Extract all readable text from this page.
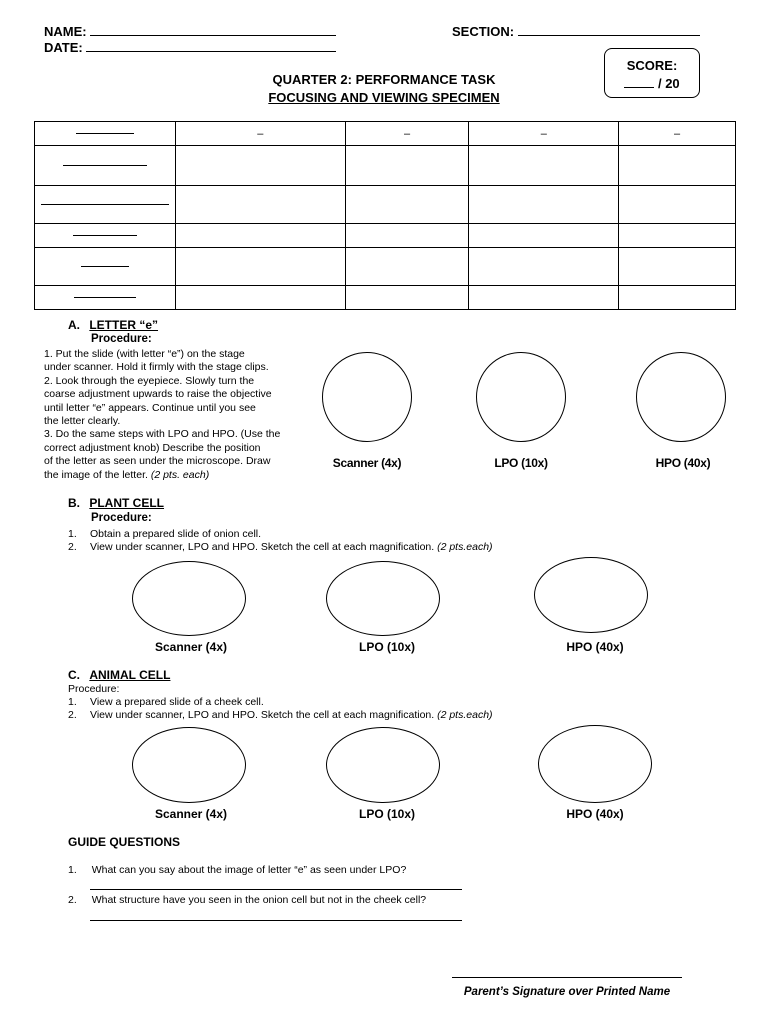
NAME:
DATE:
SECTION:
SCORE:
/ 20
QUARTER 2: PERFORMANCE TASK
FOCUSING AND VIEWING SPECIMEN
	–	–	–	–

A. LETTER “e”
Procedure:
1. Put the slide (with letter “e”) on the stage
under scanner. Hold it firmly with the stage clips.
2. Look through the eyepiece. Slowly turn the
coarse adjustment upwards to raise the objective
until letter “e” appears. Continue until you see
the letter clearly.
3. Do the same steps with LPO and HPO. (Use the
correct adjustment knob) Describe the position
of the letter as seen under the microscope. Draw
the image of the letter. (2 pts. each)
Scanner (4x)	LPO (10x)	HPO (40x)
B. PLANT CELL
Procedure:
1. Obtain a prepared slide of onion cell.
2. View under scanner, LPO and HPO. Sketch the cell at each magnification. (2 pts.each)
Scanner (4x)	LPO (10x)	HPO (40x)
C. ANIMAL CELL
Procedure:
1. View a prepared slide of a cheek cell.
2. View under scanner, LPO and HPO. Sketch the cell at each magnification. (2 pts.each)
Scanner (4x)	LPO (10x)	HPO (40x)
GUIDE QUESTIONS
1. What can you say about the image of letter “e” as seen under LPO?
2. What structure have you seen in the onion cell but not in the cheek cell?
Parent’s Signature over Printed Name
